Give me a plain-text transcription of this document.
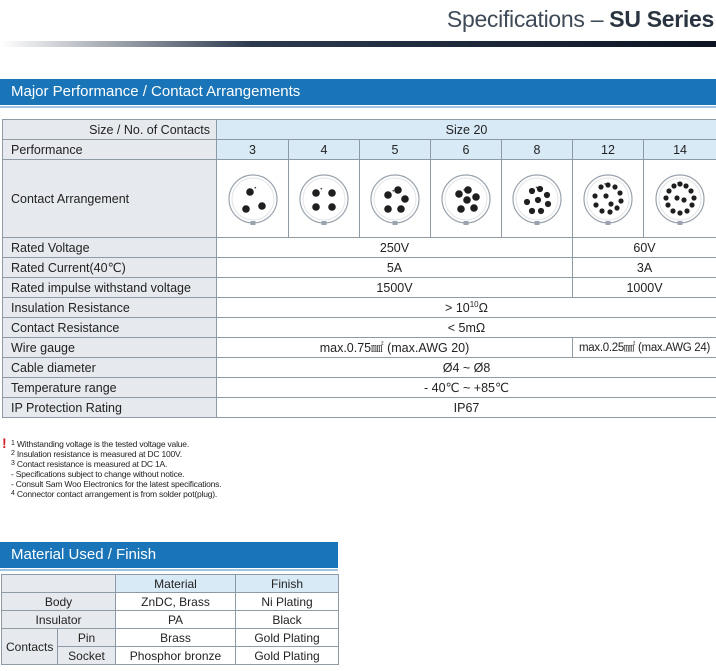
Specifications – SU Series
Major Performance / Contact Arrangements
Size / No. of Contacts	Size 20						
Performance	3	4	5	6	8	12	14
Contact Arrangement	

Rated Voltage	250V					60V	
Rated Current(40℃)	5A					3A	
Rated impulse withstand voltage	1500V					1000V	
Insulation Resistance	> $10^{10}\Omega$						
Contact Resistance	< 5mΩ						
Wire gauge	max.0.75㎟ (max.AWG 20)					max.0.25㎟ (max.AWG 24)	
Cable diameter	Ø4 ~ Ø8						
Temperature range	- 40℃ ~ +85℃						
IP Protection Rating	IP67						
! $^1$ Withstanding voltage is the tested voltage value.
$^2$ Insulation resistance is measured at DC 100V.
$^3$ Contact resistance is measured at DC 1A.
- Specifications subject to change without notice.
- Consult Sam Woo Electronics for the latest specifications.
$^4$ Connector contact arrangement is from solder pot(plug).
Material Used / Finish
		Material	Finish
Body		ZnDC, Brass	Ni Plating
Insulator		PA	Black
Contacts	Pin	Brass	Gold Plating
	Socket	Phosphor bronze	Gold Plating
